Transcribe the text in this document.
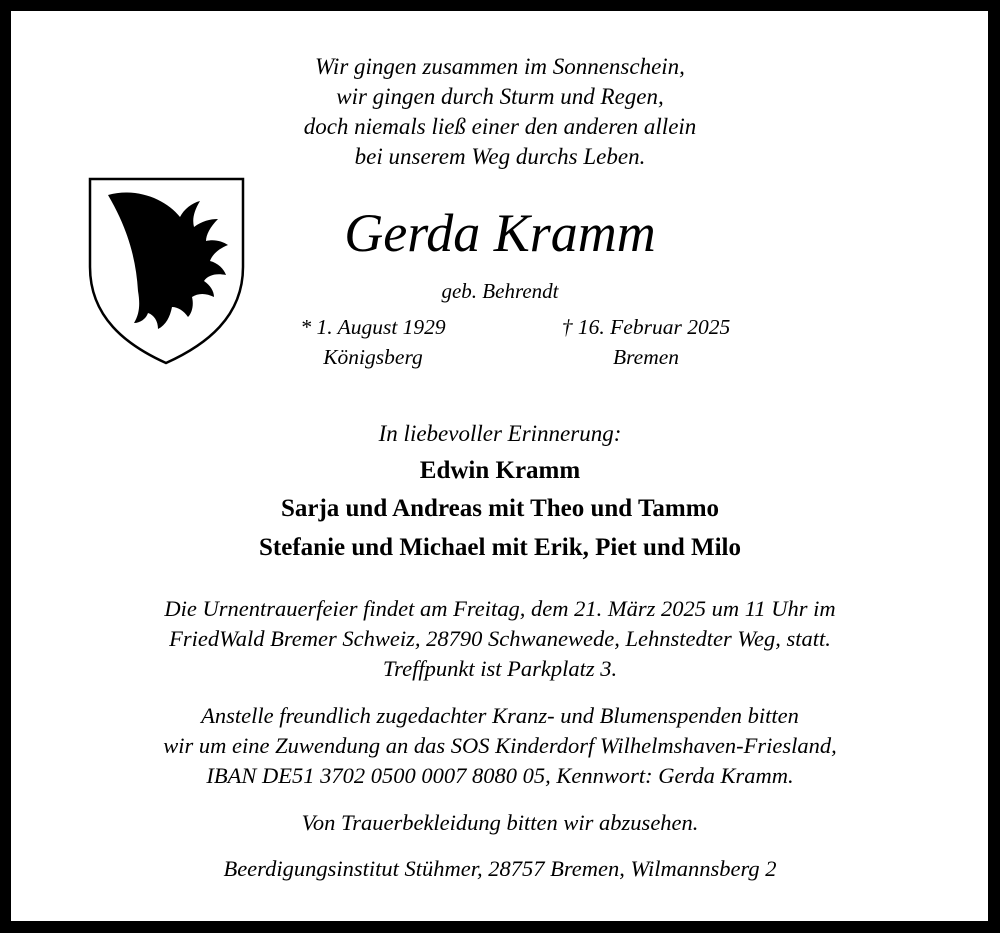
Wir gingen zusammen im Sonnenschein,
wir gingen durch Sturm und Regen,
doch niemals ließ einer den anderen allein
bei unserem Weg durchs Leben.
Gerda Kramm
geb. Behrendt
* 1. August 1929
Königsberg
† 16. Februar 2025
Bremen
In liebevoller Erinnerung:
Edwin Kramm
Sarja und Andreas mit Theo und Tammo
Stefanie und Michael mit Erik, Piet und Milo
Die Urnentrauerfeier findet am Freitag, dem 21. März 2025 um 11 Uhr im
FriedWald Bremer Schweiz, 28790 Schwanewede, Lehnstedter Weg, statt.
Treffpunkt ist Parkplatz 3.
Anstelle freundlich zugedachter Kranz- und Blumenspenden bitten
wir um eine Zuwendung an das SOS Kinderdorf Wilhelmshaven-Friesland,
IBAN DE51 3702 0500 0007 8080 05, Kennwort: Gerda Kramm.
Von Trauerbekleidung bitten wir abzusehen.
Beerdigungsinstitut Stühmer, 28757 Bremen, Wilmannsberg 2
